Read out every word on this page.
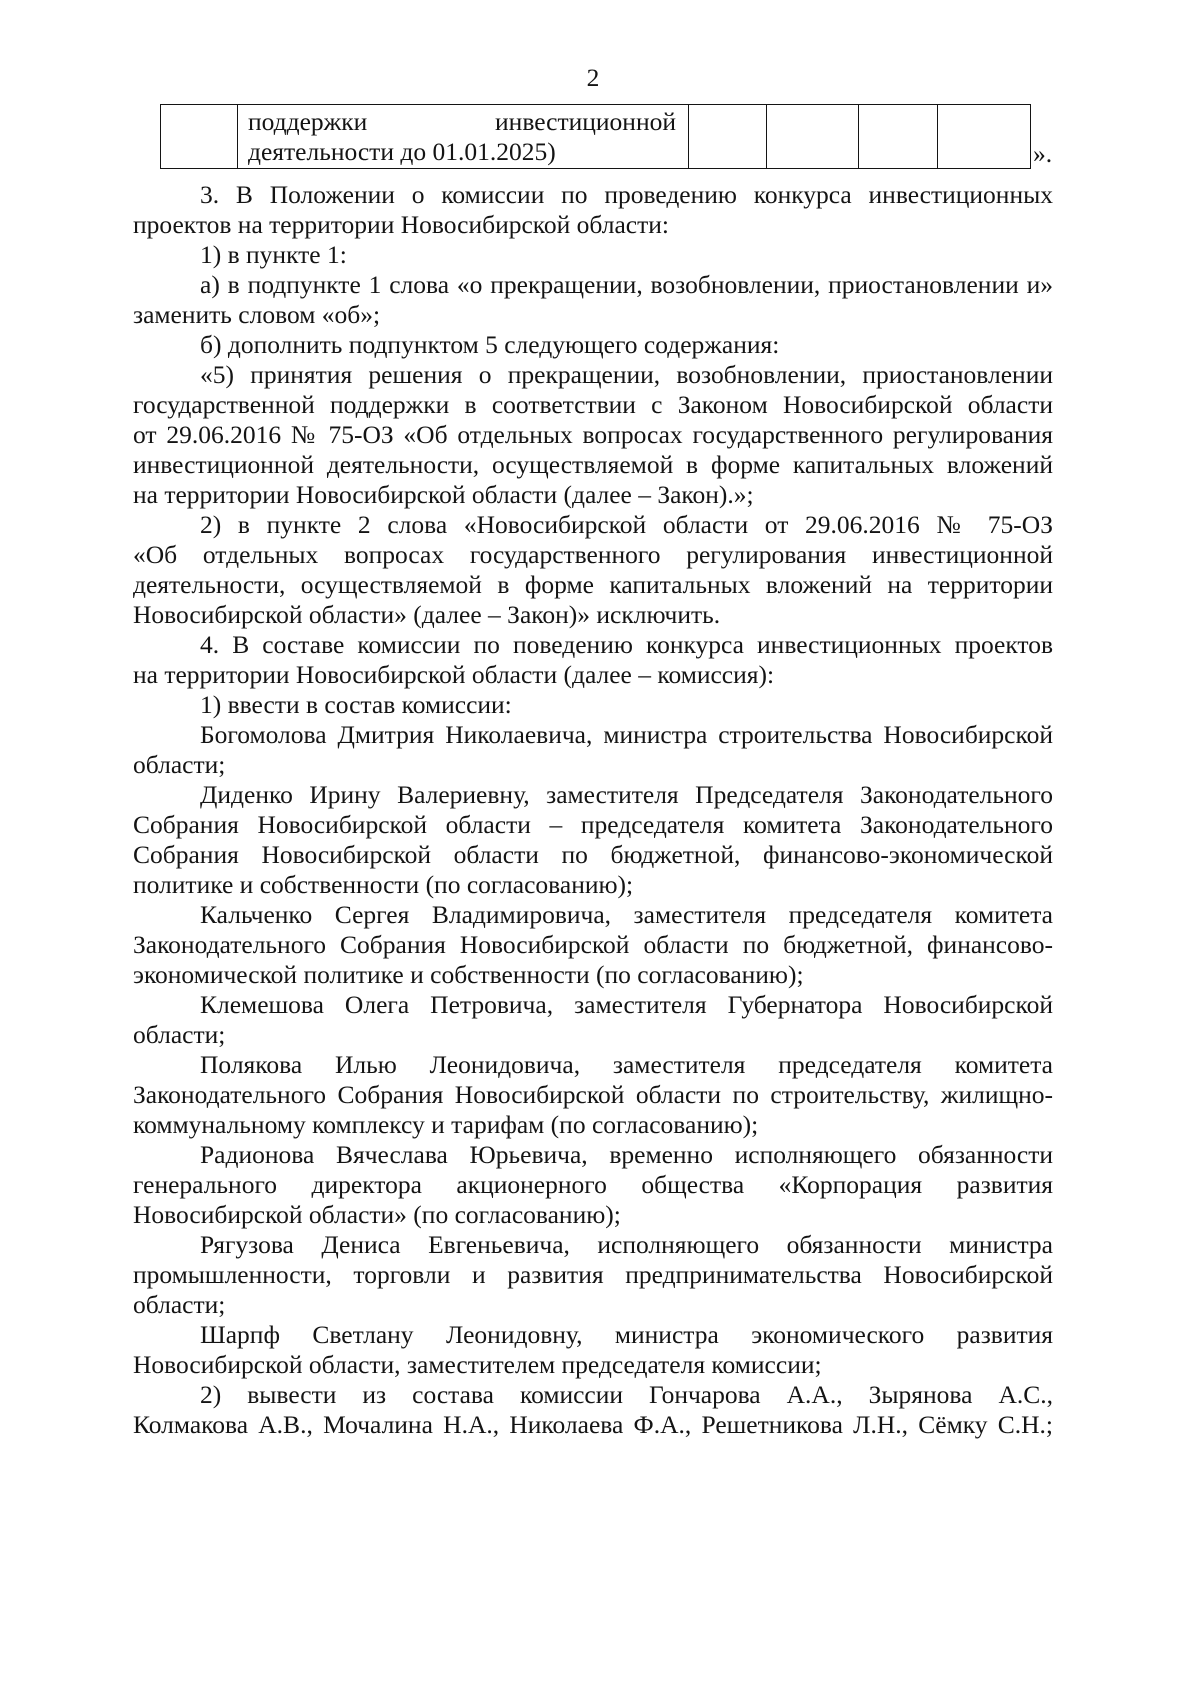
2

поддержки инвестиционной
деятельности до 01.01.2025)
					».
3. В Положении о комиссии по проведению конкурса инвестиционных
проектов на территории Новосибирской области:
1) в пункте 1:
а) в подпункте 1 слова «о прекращении, возобновлении, приостановлении и»
заменить словом «об»;
б) дополнить подпунктом 5 следующего содержания:
«5) принятия решения о прекращении, возобновлении, приостановлении
государственной поддержки в соответствии с Законом Новосибирской области
от 29.06.2016 № 75-ОЗ «Об отдельных вопросах государственного регулирования
инвестиционной деятельности, осуществляемой в форме капитальных вложений
на территории Новосибирской области (далее – Закон).»;
2) в пункте 2 слова «Новосибирской области от 29.06.2016 № 75-ОЗ
«Об отдельных вопросах государственного регулирования инвестиционной
деятельности, осуществляемой в форме капитальных вложений на территории
Новосибирской области» (далее – Закон)» исключить.
4. В составе комиссии по поведению конкурса инвестиционных проектов
на территории Новосибирской области (далее – комиссия):
1) ввести в состав комиссии:
Богомолова Дмитрия Николаевича, министра строительства Новосибирской
области;
Диденко Ирину Валериевну, заместителя Председателя Законодательного
Собрания Новосибирской области – председателя комитета Законодательного
Собрания Новосибирской области по бюджетной, финансово-экономической
политике и собственности (по согласованию);
Кальченко Сергея Владимировича, заместителя председателя комитета
Законодательного Собрания Новосибирской области по бюджетной, финансово-
экономической политике и собственности (по согласованию);
Клемешова Олега Петровича, заместителя Губернатора Новосибирской
области;
Полякова Илью Леонидовича, заместителя председателя комитета
Законодательного Собрания Новосибирской области по строительству, жилищно-
коммунальному комплексу и тарифам (по согласованию);
Радионова Вячеслава Юрьевича, временно исполняющего обязанности
генерального директора акционерного общества «Корпорация развития
Новосибирской области» (по согласованию);
Рягузова Дениса Евгеньевича, исполняющего обязанности министра
промышленности, торговли и развития предпринимательства Новосибирской
области;
Шарпф Светлану Леонидовну, министра экономического развития
Новосибирской области, заместителем председателя комиссии;
2) вывести из состава комиссии Гончарова А.А., Зырянова А.С.,
Колмакова А.В., Мочалина Н.А., Николаева Ф.А., Решетникова Л.Н., Сёмку С.Н.;
